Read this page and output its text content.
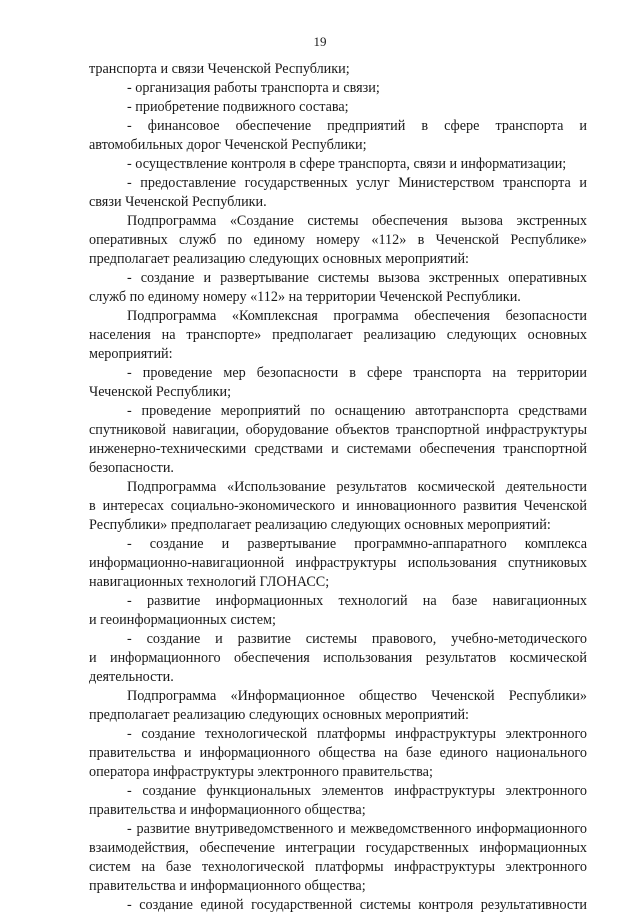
19
транспорта и связи Чеченской Республики;
- организация работы транспорта и связи;
- приобретение подвижного состава;
- финансовое обеспечение предприятий в сфере транспорта и
автомобильных дорог Чеченской Республики;
- осуществление контроля в сфере транспорта, связи и информатизации;
- предоставление государственных услуг Министерством транспорта и
связи Чеченской Республики.
Подпрограмма «Создание системы обеспечения вызова экстренных
оперативных служб по единому номеру «112» в Чеченской Республике»
предполагает реализацию следующих основных мероприятий:
- создание и развертывание системы вызова экстренных оперативных
служб по единому номеру «112» на территории Чеченской Республики.
Подпрограмма «Комплексная программа обеспечения безопасности
населения на транспорте» предполагает реализацию следующих основных
мероприятий:
- проведение мер безопасности в сфере транспорта на территории
Чеченской Республики;
- проведение мероприятий по оснащению автотранспорта средствами
спутниковой навигации, оборудование объектов транспортной инфраструктуры
инженерно-техническими средствами и системами обеспечения транспортной
безопасности.
Подпрограмма «Использование результатов космической деятельности
в интересах социально-экономического и инновационного развития Чеченской
Республики» предполагает реализацию следующих основных мероприятий:
- создание и развертывание программно-аппаратного комплекса
информационно-навигационной инфраструктуры использования спутниковых
навигационных технологий ГЛОНАСС;
- развитие информационных технологий на базе навигационных
и геоинформационных систем;
- создание и развитие системы правового, учебно-методического
и информационного обеспечения использования результатов космической
деятельности.
Подпрограмма «Информационное общество Чеченской Республики»
предполагает реализацию следующих основных мероприятий:
- создание технологической платформы инфраструктуры электронного
правительства и информационного общества на базе единого национального
оператора инфраструктуры электронного правительства;
- создание функциональных элементов инфраструктуры электронного
правительства и информационного общества;
- развитие внутриведомственного и межведомственного информационного
взаимодействия, обеспечение интеграции государственных информационных
систем на базе технологической платформы инфраструктуры электронного
правительства и информационного общества;
- создание единой государственной системы контроля результативности
